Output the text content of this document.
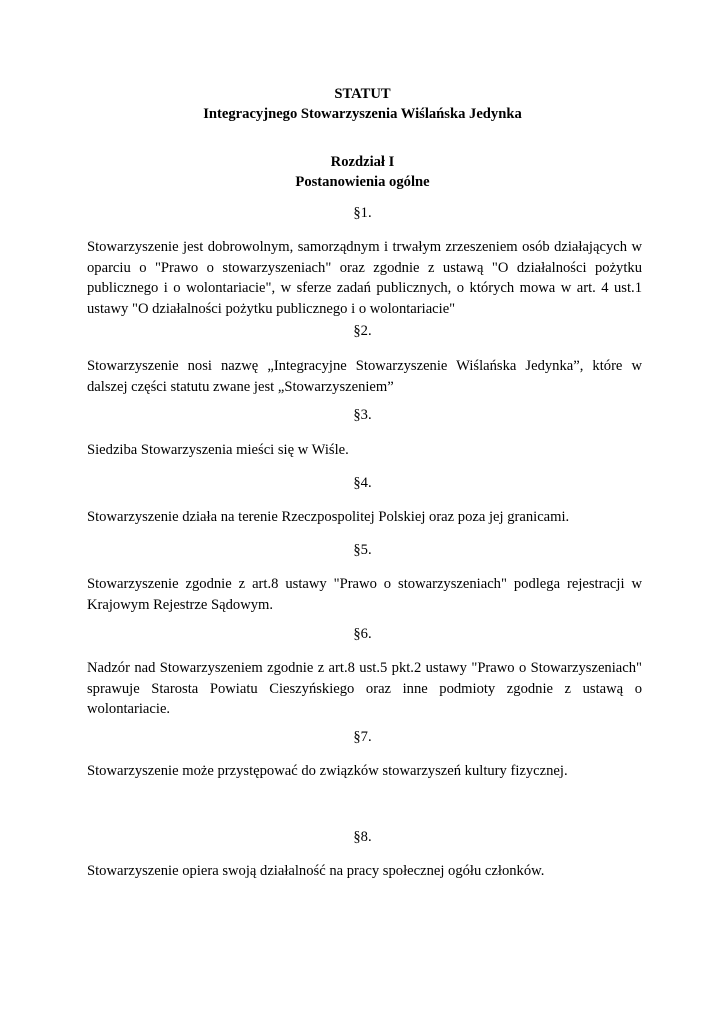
STATUT
Integracyjnego Stowarzyszenia Wiślańska Jedynka
Rozdział I
Postanowienia ogólne
§1.
Stowarzyszenie jest dobrowolnym, samorządnym i trwałym zrzeszeniem osób działających w
oparciu o "Prawo o stowarzyszeniach" oraz zgodnie z ustawą "O działalności pożytku
publicznego i o wolontariacie", w sferze zadań publicznych, o których mowa w art. 4 ust.1
ustawy "O działalności pożytku publicznego i o wolontariacie"
§2.
Stowarzyszenie nosi nazwę „Integracyjne Stowarzyszenie Wiślańska Jedynka”, które w
dalszej części statutu zwane jest „Stowarzyszeniem”
§3.
Siedziba Stowarzyszenia mieści się w Wiśle.
§4.
Stowarzyszenie działa na terenie Rzeczpospolitej Polskiej oraz poza jej granicami.
§5.
Stowarzyszenie zgodnie z art.8 ustawy "Prawo o stowarzyszeniach" podlega rejestracji w
Krajowym Rejestrze Sądowym.
§6.
Nadzór nad Stowarzyszeniem zgodnie z art.8 ust.5 pkt.2 ustawy "Prawo o Stowarzyszeniach"
sprawuje Starosta Powiatu Cieszyńskiego oraz inne podmioty zgodnie z ustawą o
wolontariacie.
§7.
Stowarzyszenie może przystępować do związków stowarzyszeń kultury fizycznej.
§8.
Stowarzyszenie opiera swoją działalność na pracy społecznej ogółu członków.
